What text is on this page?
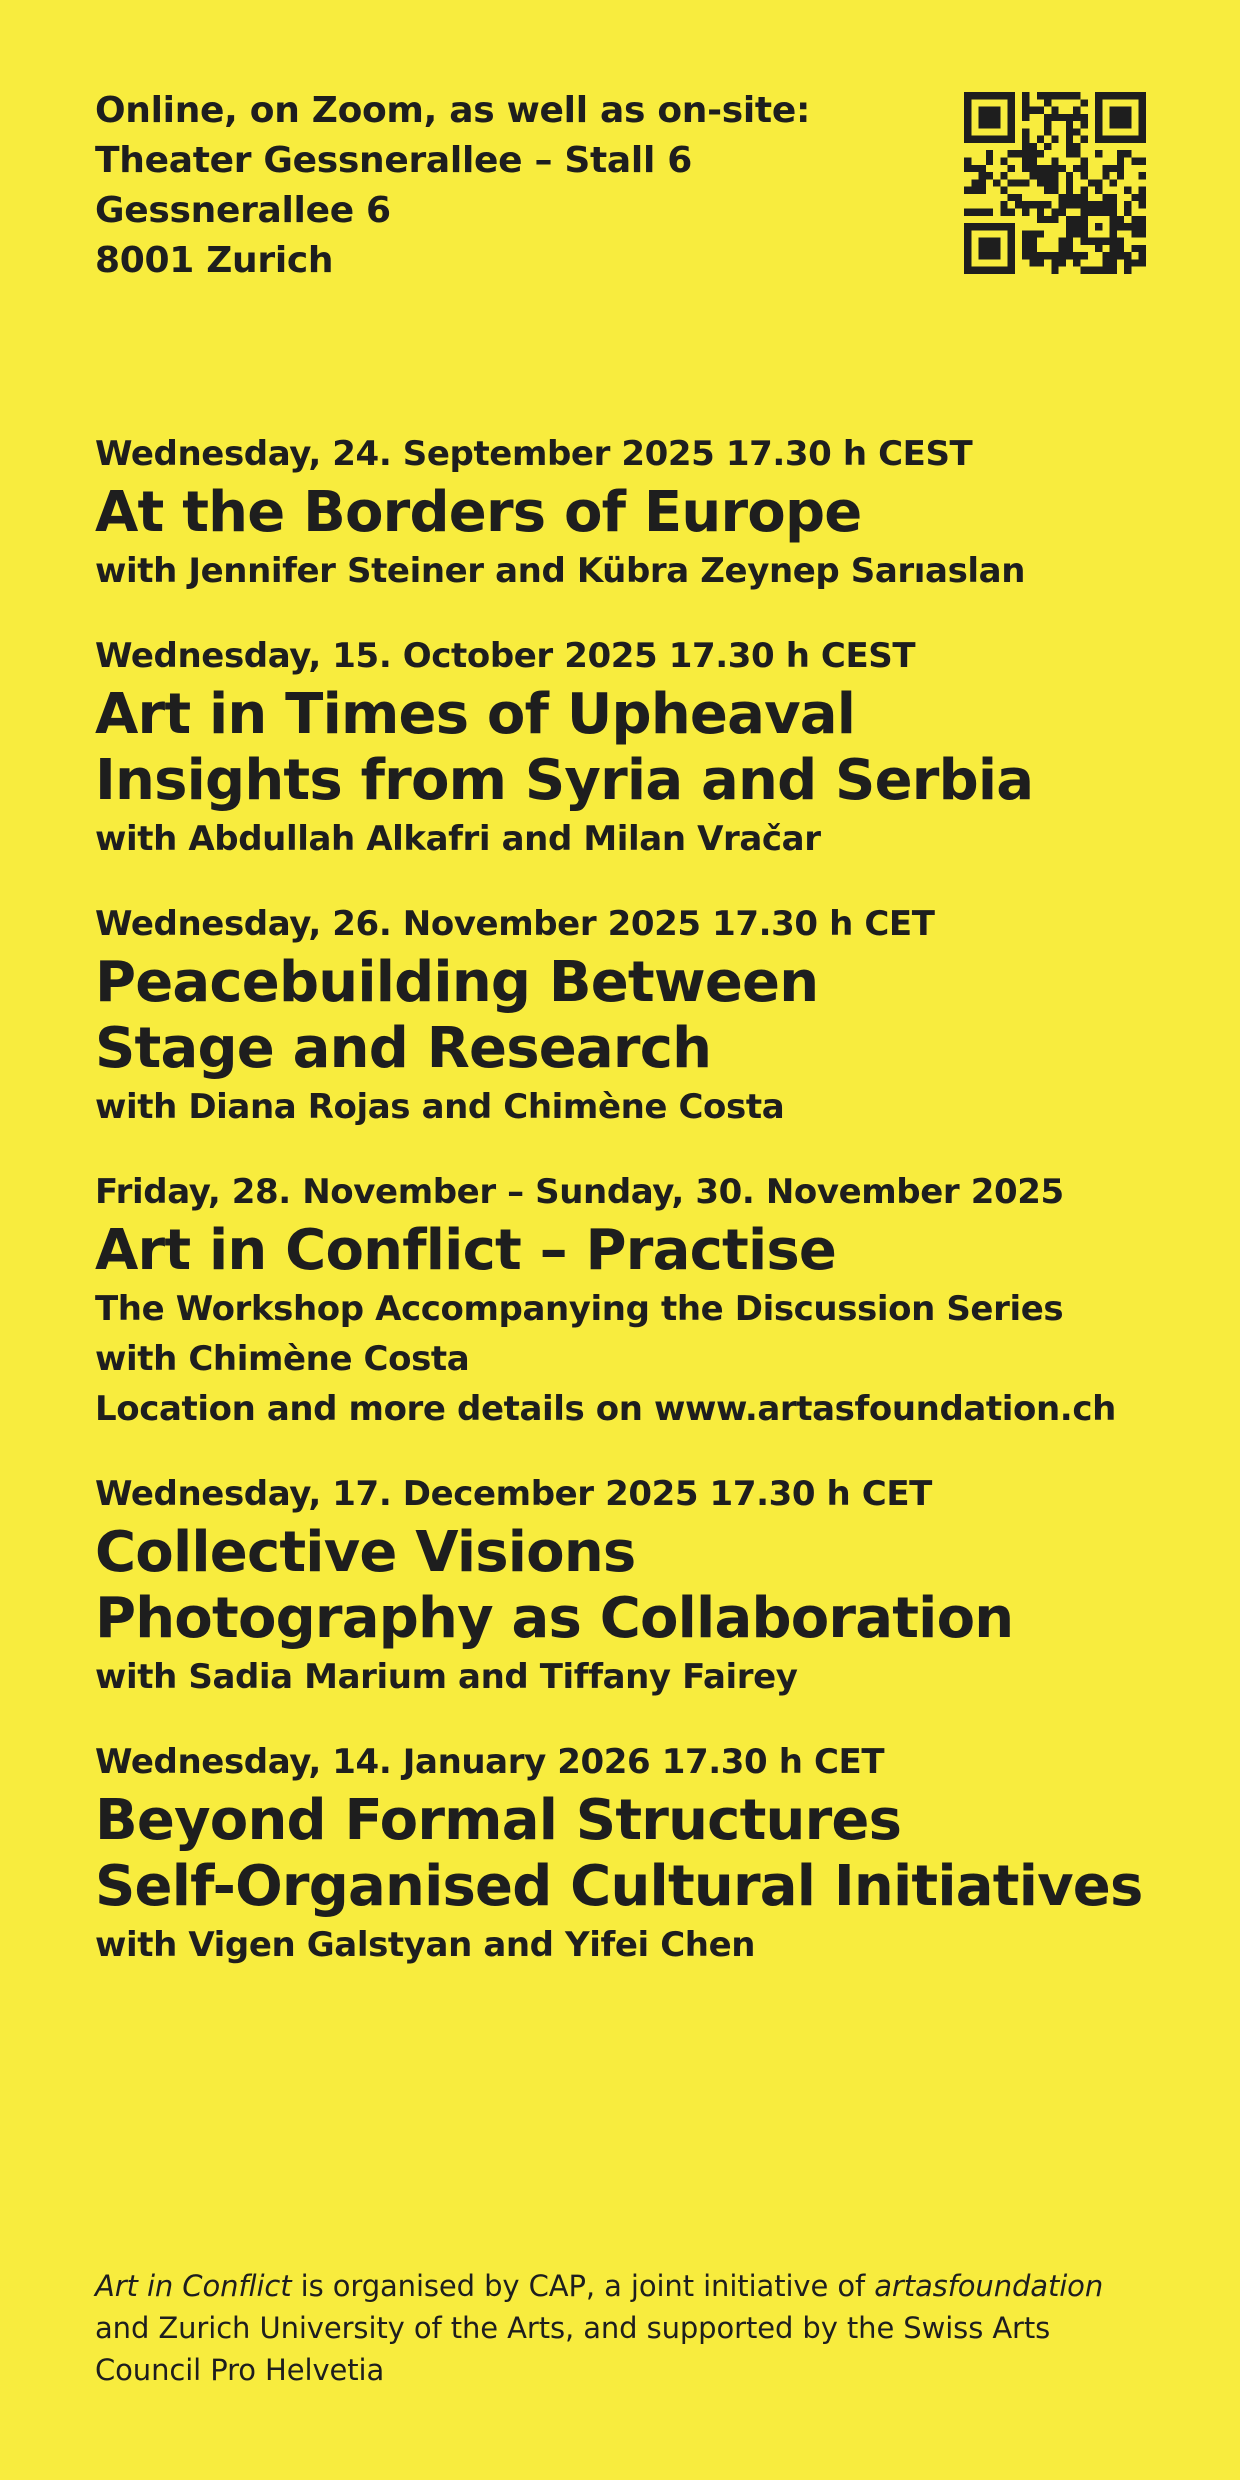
Online, on Zoom, as well as on-site:
Theater Gessnerallee – Stall 6
Gessnerallee 6
8001 Zurich
Wednesday, 24. September 2025 17.30 h CEST
At the Borders of Europe
with Jennifer Steiner and Kübra Zeynep Sarıaslan
Wednesday, 15. October 2025 17.30 h CEST
Art in Times of Upheaval
Insights from Syria and Serbia
with Abdullah Alkafri and Milan Vračar
Wednesday, 26. November 2025 17.30 h CET
Peacebuilding Between
Stage and Research
with Diana Rojas and Chimène Costa
Friday, 28. November – Sunday, 30. November 2025
Art in Conflict – Practise
The Workshop Accompanying the Discussion Series
with Chimène Costa
Location and more details on www.artasfoundation.ch
Wednesday, 17. December 2025 17.30 h CET
Collective Visions
Photography as Collaboration
with Sadia Marium and Tiffany Fairey
Wednesday, 14. January 2026 17.30 h CET
Beyond Formal Structures
Self-Organised Cultural Initiatives
with Vigen Galstyan and Yifei Chen
Art in Conflict is organised by CAP, a joint initiative of artasfoundation
and Zurich University of the Arts, and supported by the Swiss Arts
Council Pro Helvetia
